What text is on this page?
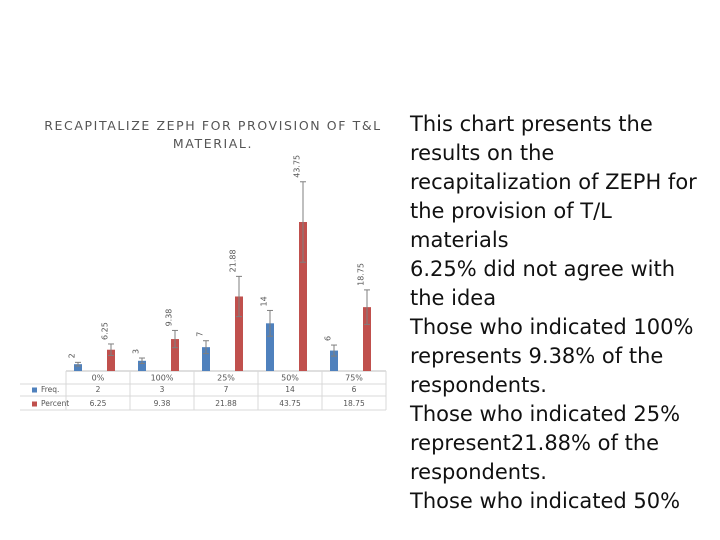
RECAPITALIZE ZEPH FOR PROVISION OF T&L MATERIAL.
2
6.25
3
9.38
7
21.88
14
43.75
6
18.75
0%	100%	25%	50%	75%
Freq.	2	3	7	14	6
Percent	6.25	9.38	21.88	43.75	18.75

This chart presents the results on the recapitalization of ZEPH for the provision of T/L materials

6.25% did not agree with the idea

Those who indicated 100% represents 9.38% of the respondents.

Those who indicated 25% represent21.88% of the respondents.

Those who indicated 50%
